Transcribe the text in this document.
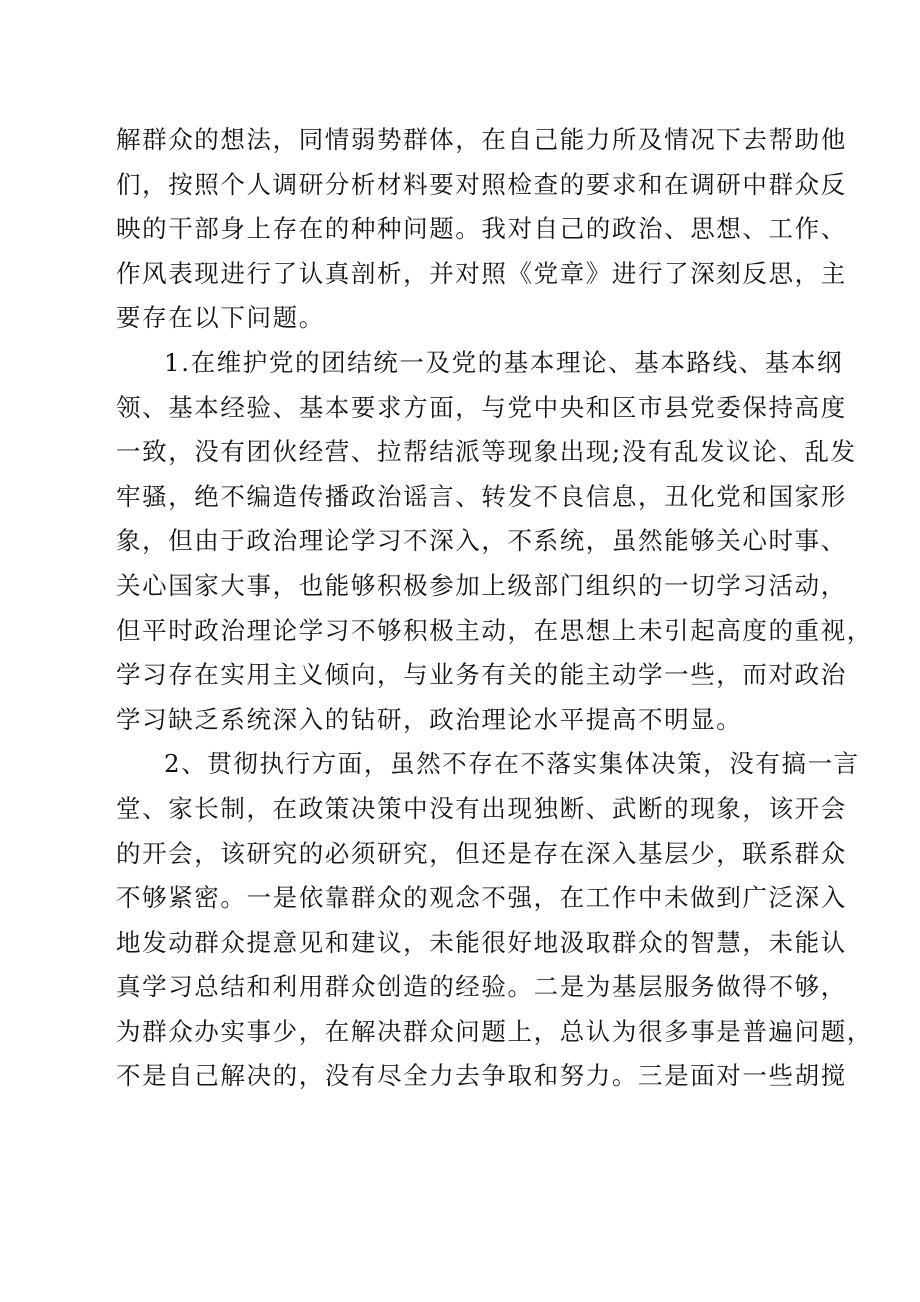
解群众的想法，同情弱势群体，在自己能力所及情况下去帮助他
们，按照个人调研分析材料要对照检查的要求和在调研中群众反
映的干部身上存在的种种问题。我对自己的政治、思想、工作、
作风表现进行了认真剖析，并对照《党章》进行了深刻反思，主
要存在以下问题。
1.在维护党的团结统一及党的基本理论、基本路线、基本纲
领、基本经验、基本要求方面，与党中央和区市县党委保持高度
一致，没有团伙经营、拉帮结派等现象出现;没有乱发议论、乱发
牢骚，绝不编造传播政治谣言、转发不良信息，丑化党和国家形
象，但由于政治理论学习不深入，不系统，虽然能够关心时事、
关心国家大事，也能够积极参加上级部门组织的一切学习活动，
但平时政治理论学习不够积极主动，在思想上未引起高度的重视，
学习存在实用主义倾向，与业务有关的能主动学一些，而对政治
学习缺乏系统深入的钻研，政治理论水平提高不明显。
2、贯彻执行方面，虽然不存在不落实集体决策，没有搞一言
堂、家长制，在政策决策中没有出现独断、武断的现象，该开会
的开会，该研究的必须研究，但还是存在深入基层少，联系群众
不够紧密。一是依靠群众的观念不强，在工作中未做到广泛深入
地发动群众提意见和建议，未能很好地汲取群众的智慧，未能认
真学习总结和利用群众创造的经验。二是为基层服务做得不够，
为群众办实事少，在解决群众问题上，总认为很多事是普遍问题，
不是自己解决的，没有尽全力去争取和努力。三是面对一些胡搅
